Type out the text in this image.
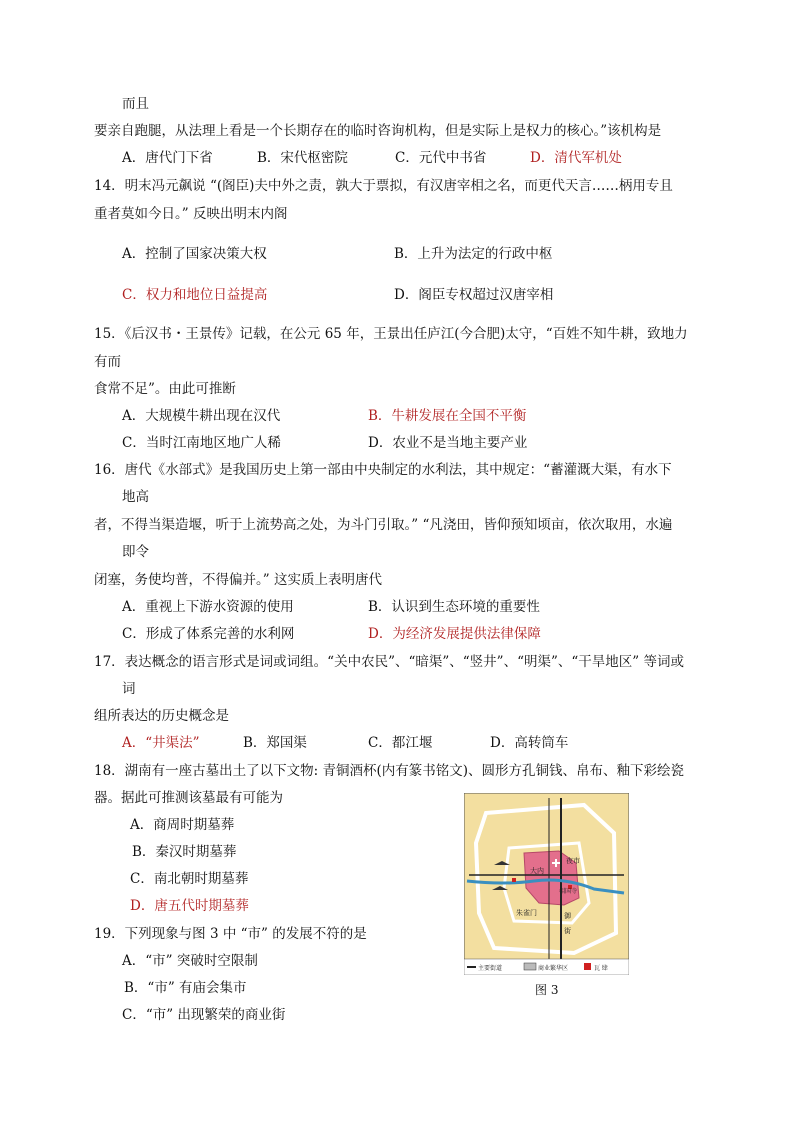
而且
要亲自跑腿，从法理上看是一个长期存在的临时咨询机构，但是实际上是权力的核心。”该机构是
A．唐代门下省	B．宋代枢密院	C．元代中书省	D．清代军机处
14．明末冯元飙说 “(阁臣)夫中外之责，孰大于票拟，有汉唐宰相之名，而更代天言……柄用专且
重者莫如今日。” 反映出明末内阁
A．控制了国家决策大权	B．上升为法定的行政中枢
C．权力和地位日益提高	D．阁臣专权超过汉唐宰相
15．《后汉书・王景传》记载，在公元 65 年，王景出任庐江(今合肥)太守，“百姓不知牛耕，致地力
有而
食常不足”。由此可推断
A．大规模牛耕出现在汉代	B．牛耕发展在全国不平衡
C．当时江南地区地广人稀	D．农业不是当地主要产业
16．唐代《水部式》是我国历史上第一部由中央制定的水利法，其中规定：“蓄灌溉大渠，有水下
地高
者，不得当渠造堰，听于上流势高之处，为斗门引取。” “凡浇田，皆仰预知顷亩，依次取用，水遍
即令
闭塞，务使均普，不得偏并。” 这实质上表明唐代
A．重视上下游水资源的使用	B．认识到生态环境的重要性
C．形成了体系完善的水利网	D．为经济发展提供法律保障
17．表达概念的语言形式是词或词组。“关中农民”、“暗渠”、“竖井”、“明渠”、“干旱地区” 等词或
词
组所表达的历史概念是
A．“井渠法”	B．郑国渠	C．都江堰	D．高转筒车
18．湖南有一座古墓出土了以下文物: 青铜酒杯(内有篆书铭文)、圆形方孔铜钱、帛布、釉下彩绘瓷
器。据此可推测该墓最有可能为
A．商周时期墓葬
B．秦汉时期墓葬
C．南北朝时期墓葬
D．唐五代时期墓葬
19．下列现象与图 3 中 “市” 的发展不符的是
A．“市” 突破时空限制
B．“市” 有庙会集市
C．“市” 出现繁荣的商业街
大内
夜市
相国寺
朱雀门	御
街
主要街道	商业繁华区	瓦 肆
图 3
